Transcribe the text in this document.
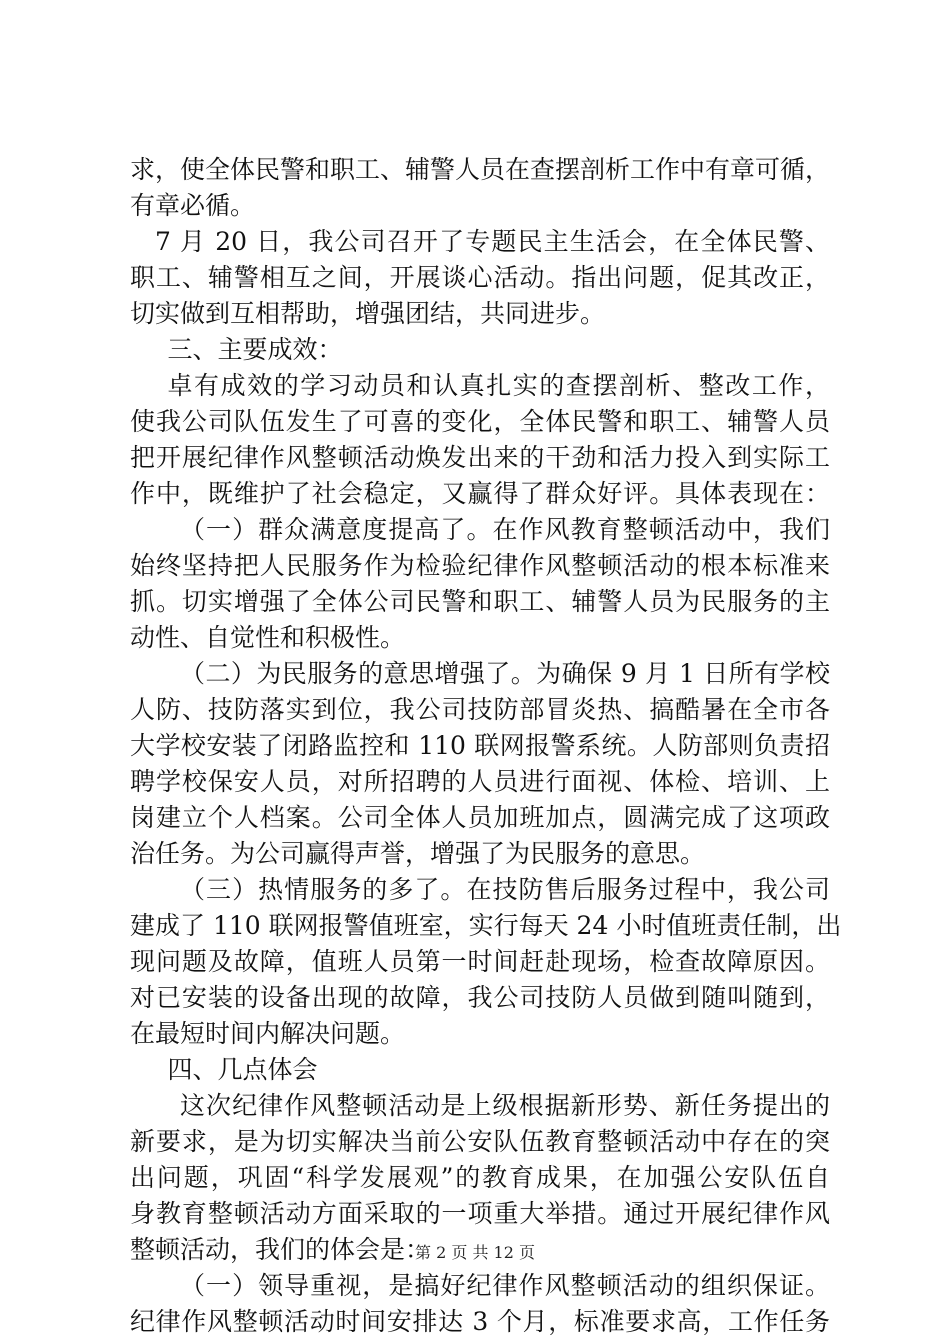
求，使全体民警和职工、辅警人员在查摆剖析工作中有章可循，
有章必循。
7 月 20 日，我公司召开了专题民主生活会，在全体民警、
职工、辅警相互之间，开展谈心活动。指出问题，促其改正，
切实做到互相帮助，增强团结，共同进步。
三、主要成效：
卓有成效的学习动员和认真扎实的查摆剖析、整改工作，
使我公司队伍发生了可喜的变化，全体民警和职工、辅警人员
把开展纪律作风整顿活动焕发出来的干劲和活力投入到实际工
作中，既维护了社会稳定，又赢得了群众好评。具体表现在：
（一）群众满意度提高了。在作风教育整顿活动中，我们
始终坚持把人民服务作为检验纪律作风整顿活动的根本标准来
抓。切实增强了全体公司民警和职工、辅警人员为民服务的主
动性、自觉性和积极性。
（二）为民服务的意思增强了。为确保 9 月 1 日所有学校
人防、技防落实到位，我公司技防部冒炎热、搞酷暑在全市各
大学校安装了闭路监控和 110 联网报警系统。人防部则负责招
聘学校保安人员，对所招聘的人员进行面视、体检、培训、上
岗建立个人档案。公司全体人员加班加点，圆满完成了这项政
治任务。为公司赢得声誉，增强了为民服务的意思。
（三）热情服务的多了。在技防售后服务过程中，我公司
建成了 110 联网报警值班室，实行每天 24 小时值班责任制，出
现问题及故障，值班人员第一时间赶赴现场，检查故障原因。
对已安装的设备出现的故障，我公司技防人员做到随叫随到，
在最短时间内解决问题。
四、几点体会
这次纪律作风整顿活动是上级根据新形势、新任务提出的
新要求，是为切实解决当前公安队伍教育整顿活动中存在的突
出问题，巩固“科学发展观”的教育成果，在加强公安队伍自
身教育整顿活动方面采取的一项重大举措。通过开展纪律作风
整顿活动，我们的体会是：
（一）领导重视，是搞好纪律作风整顿活动的组织保证。
纪律作风整顿活动时间安排达 3 个月，标准要求高，工作任务
第 2 页 共 12 页
